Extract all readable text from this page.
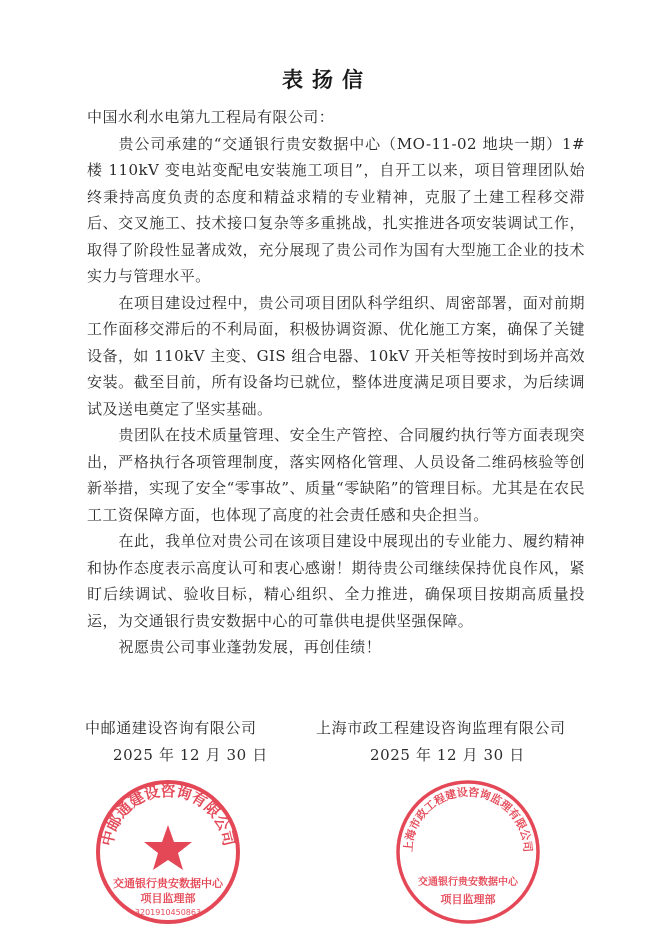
表扬信

中国水利水电第九工程局有限公司：

贵公司承建的“交通银行贵安数据中心（MO-11-02 地块一期）1#楼 110kV 变电站变配电安装施工项目”，自开工以来，项目管理团队始终秉持高度负责的态度和精益求精的专业精神，克服了土建工程移交滞后、交叉施工、技术接口复杂等多重挑战，扎实推进各项安装调试工作，取得了阶段性显著成效，充分展现了贵公司作为国有大型施工企业的技术实力与管理水平。

在项目建设过程中，贵公司项目团队科学组织、周密部署，面对前期工作面移交滞后的不利局面，积极协调资源、优化施工方案，确保了关键设备，如 110kV 主变、GIS 组合电器、10kV 开关柜等按时到场并高效安装。截至目前，所有设备均已就位，整体进度满足项目要求，为后续调试及送电奠定了坚实基础。

贵团队在技术质量管理、安全生产管控、合同履约执行等方面表现突出，严格执行各项管理制度，落实网格化管理、人员设备二维码核验等创新举措，实现了安全“零事故”、质量“零缺陷”的管理目标。尤其是在农民工工资保障方面，也体现了高度的社会责任感和央企担当。

在此，我单位对贵公司在该项目建设中展现出的专业能力、履约精神和协作态度表示高度认可和衷心感谢！期待贵公司继续保持优良作风，紧盯后续调试、验收目标，精心组织、全力推进，确保项目按期高质量投运，为交通银行贵安数据中心的可靠供电提供坚强保障。

祝愿贵公司事业蓬勃发展，再创佳绩！

中邮通建设咨询有限公司
2025 年 12 月 30 日
上海市政工程建设咨询监理有限公司
2025 年 12 月 30 日
中邮通建设咨询有限公司
交通银行贵安数据中心
项目监理部
3201910450863
上海市政工程建设咨询监理有限公司
交通银行贵安数据中心
项目监理部
